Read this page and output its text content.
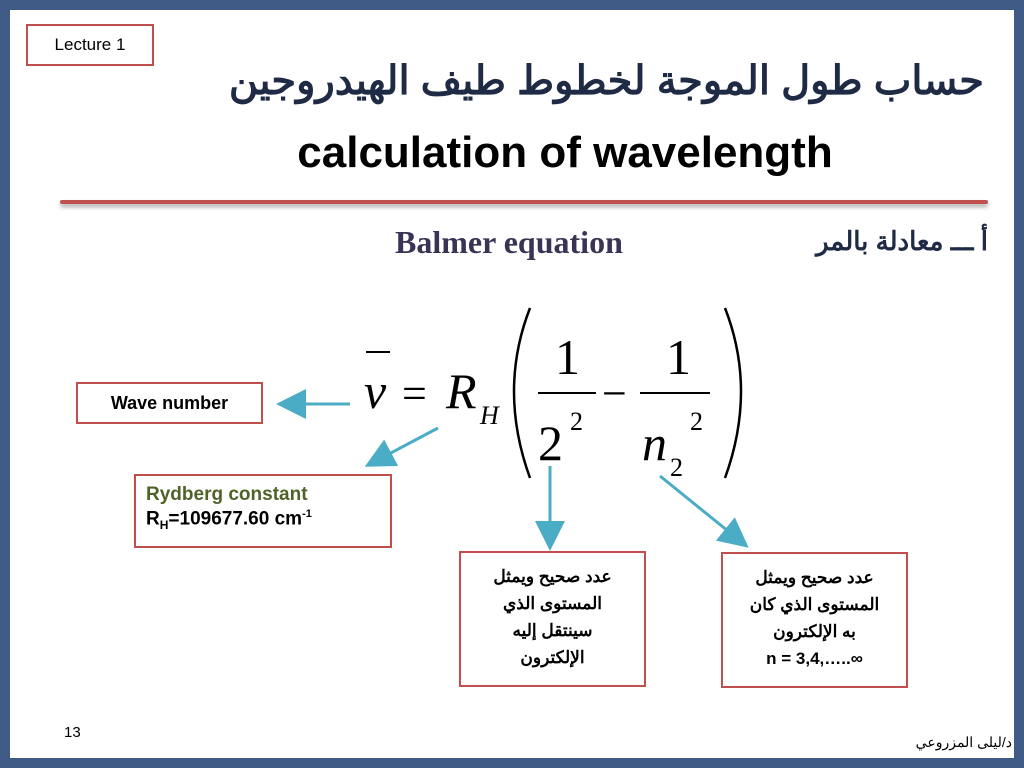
Lecture 1
حساب طول الموجة لخطوط طيف الهيدروجين
calculation of wavelength
Balmer equation	أ ـــ معادلة بالمر
ν = R H
1
2 2
−
1
n 2
2
Wave number
Rydberg constant
$R_H=109677.60$ $cm^{-1}$
عدد صحيح ويمثل
المستوى الذي
سينتقل إليه
الإلكترون
عدد صحيح ويمثل
المستوى الذي كان
به الإلكترون
n = 3,4,…..∞
13
د/ليلى المزروعي
